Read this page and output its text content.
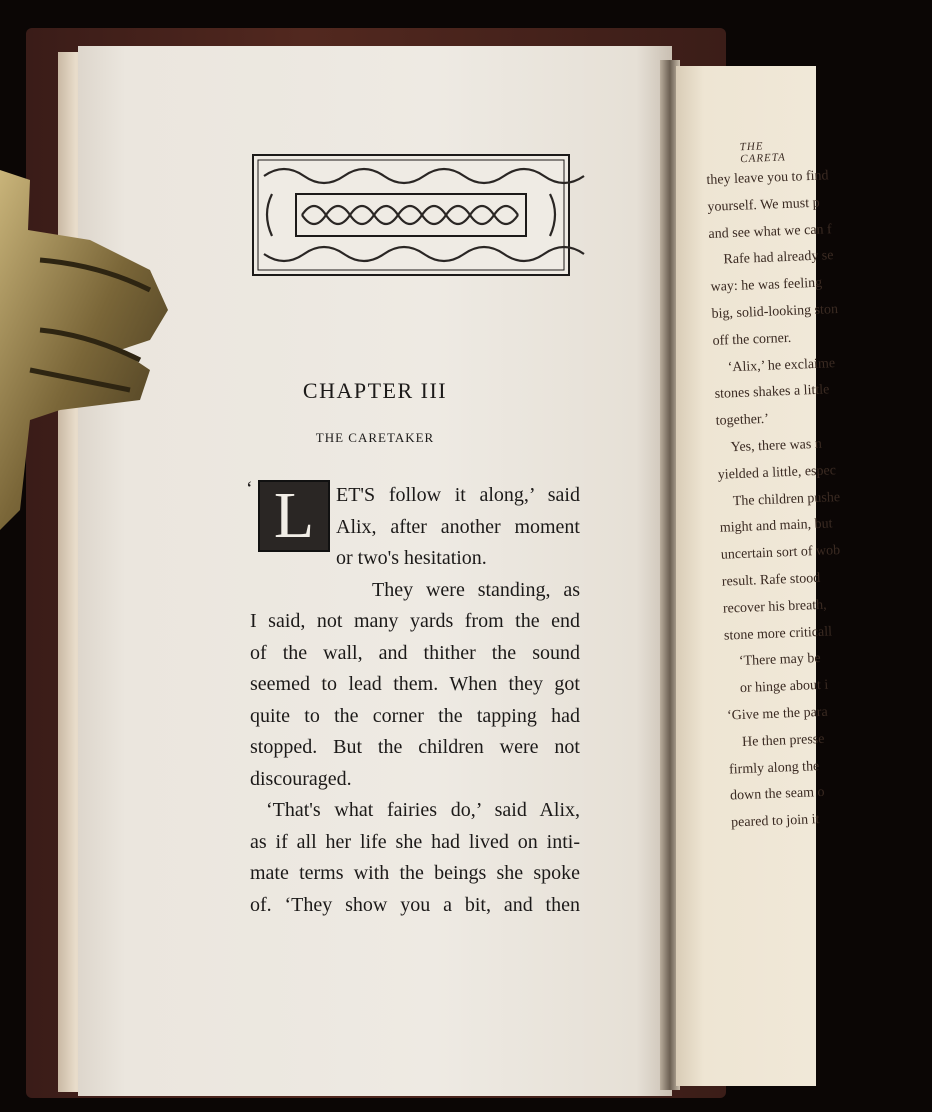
CHAPTER III
THE CARETAKER
‘ L	ET'S follow it along,’ said
Alix, after another moment
or two's hesitation.
They were standing, as
I said, not many yards from the end
of the wall, and thither the sound
seemed to lead them. When they got
quite to the corner the tapping had
stopped. But the children were not
discouraged.
‘That's what fairies do,’ said Alix,
as if all her life she had lived on inti-
mate terms with the beings she spoke
of. ‘They show you a bit, and then
THE CARETA
they leave you to find
yourself. We must p
and see what we can f
Rafe had already se
way: he was feeling
big, solid-looking ston
off the corner.
‘Alix,’ he exclaime
stones shakes a little
together.’
Yes, there was n
yielded a little, espec
The children pushe
might and main, but
uncertain sort of wob
result. Rafe stood
recover his breath,
stone more criticall
‘There may be
or hinge about i
‘Give me the para
He then presse
firmly along the
down the seam o
peared to join it
